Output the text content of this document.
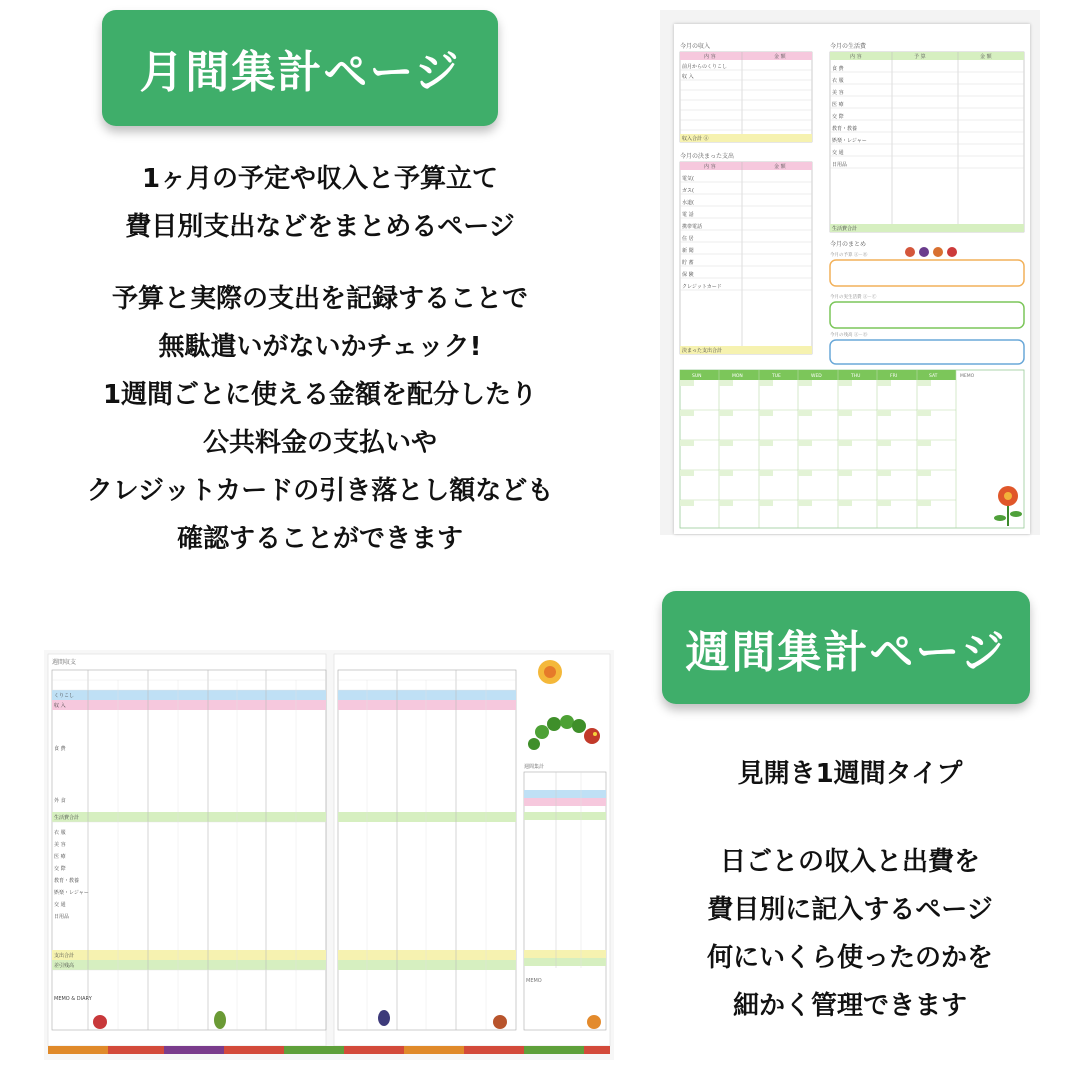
月間集計ページ
1ヶ月の予定や収入と予算立て
費目別支出などをまとめるページ
予算と実際の支出を記録することで
無駄遣いがないかチェック!
1週間ごとに使える金額を配分したり
公共料金の支払いや
クレジットカードの引き落とし額なども
確認することができます
今月の収入
内 容	金 額
前月からのくりこし
収 入
収入合計 Ⓐ
今月の決まった支出
内 容	金 額
電気(
ガス(
水道(
電 話
携帯電話
住 居
新 聞
貯 蓄
保 険
クレジットカード
決まった支出合計
今月の生活費
内 容	予 算	金 額
食 費
衣 服
美 容
医 療
交 際
教育・教養
娯楽・レジャー
交 通
日用品
生活費合計
今月のまとめ
今月の予算 Ⓐ－Ⓑ
今月の実生活費 Ⓐ－Ⓒ
今月の残高 Ⓐ－Ⓓ
SUN	MON	TUE	WED	THU	FRI	SAT	MEMO
週間集計ページ
見開き1週間タイプ
日ごとの収入と出費を
費目別に記入するページ
何にいくら使ったのかを
細かく管理できます
週間収支
くりこし
収 入
食 費
外 食
生活費合計
衣 服
美 容
医 療
交 際
教育・教養
娯楽・レジャー
交 通
日用品
支出合計
差引残高
MEMO & DIARY
週間集計
MEMO
